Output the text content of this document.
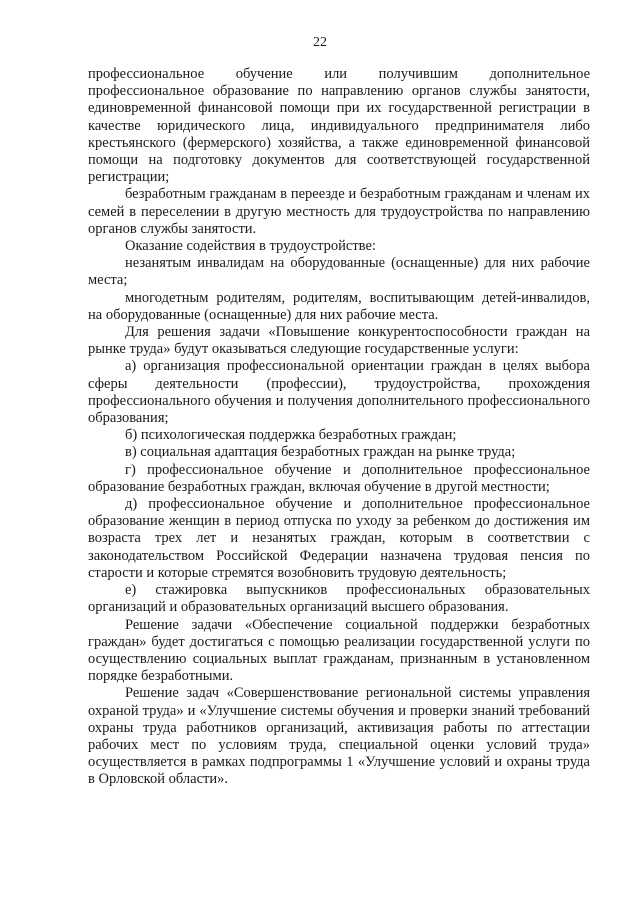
22

профессиональное обучение или получившим дополнительное профессиональное образование по направлению органов службы занятости, единовременной финансовой помощи при их государственной регистрации в качестве юридического лица, индивидуального предпринимателя либо крестьянского (фермерского) хозяйства, а также единовременной финансовой помощи на подготовку документов для соответствующей государственной регистрации;

безработным гражданам в переезде и безработным гражданам и членам их семей в переселении в другую местность для трудоустройства по направлению органов службы занятости.

Оказание содействия в трудоустройстве:

незанятым инвалидам на оборудованные (оснащенные) для них рабочие места;

многодетным родителям, родителям, воспитывающим детей-инвалидов, на оборудованные (оснащенные) для них рабочие места.

Для решения задачи «Повышение конкурентоспособности граждан на рынке труда» будут оказываться следующие государственные услуги:

а) организация профессиональной ориентации граждан в целях выбора сферы деятельности (профессии), трудоустройства, прохождения профессионального обучения и получения дополнительного профессионального образования;

б) психологическая поддержка безработных граждан;

в) социальная адаптация безработных граждан на рынке труда;

г) профессиональное обучение и дополнительное профессиональное образование безработных граждан, включая обучение в другой местности;

д) профессиональное обучение и дополнительное профессиональное образование женщин в период отпуска по уходу за ребенком до достижения им возраста трех лет и незанятых граждан, которым в соответствии с законодательством Российской Федерации назначена трудовая пенсия по старости и которые стремятся возобновить трудовую деятельность;

е) стажировка выпускников профессиональных образовательных организаций и образовательных организаций высшего образования.

Решение задачи «Обеспечение социальной поддержки безработных граждан» будет достигаться с помощью реализации государственной услуги по осуществлению социальных выплат гражданам, признанным в установленном порядке безработными.

Решение задач «Совершенствование региональной системы управления охраной труда» и «Улучшение системы обучения и проверки знаний требований охраны труда работников организаций, активизация работы по аттестации рабочих мест по условиям труда, специальной оценки условий труда» осуществляется в рамках подпрограммы 1 «Улучшение условий и охраны труда в Орловской области».
